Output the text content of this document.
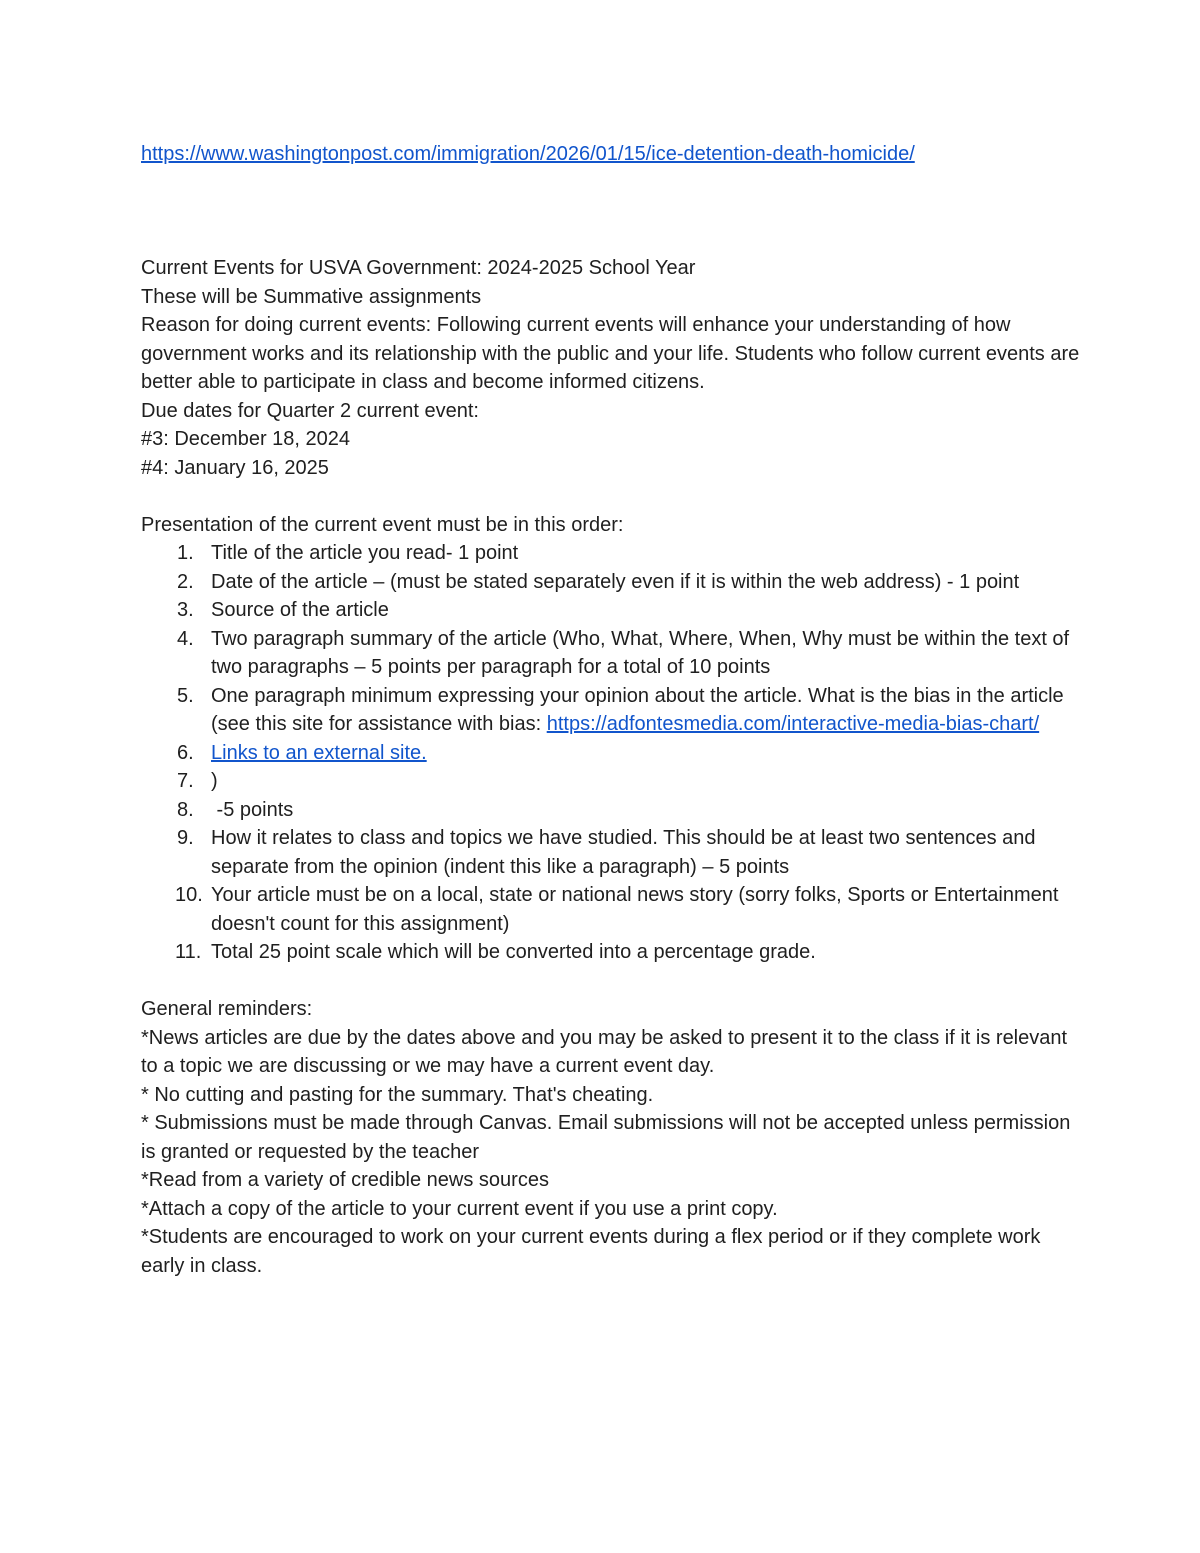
https://www.washingtonpost.com/immigration/2026/01/15/ice-detention-death-homicide/

Current Events for USVA Government: 2024-2025 School Year

These will be Summative assignments

Reason for doing current events: Following current events will enhance your understanding of how government works and its relationship with the public and your life. Students who follow current events are better able to participate in class and become informed citizens.

Due dates for Quarter 2 current event:

#3: December 18, 2024

#4: January 16, 2025

Presentation of the current event must be in this order:

1. Title of the article you read- 1 point
2. Date of the article – (must be stated separately even if it is within the web address) - 1 point
3. Source of the article
4. Two paragraph summary of the article (Who, What, Where, When, Why must be within the text of two paragraphs – 5 points per paragraph for a total of 10 points
5. One paragraph minimum expressing your opinion about the article. What is the bias in the article (see this site for assistance with bias: https://adfontesmedia.com/interactive-media-bias-chart/
6. Links to an external site.
7. )
8. -5 points
9. How it relates to class and topics we have studied. This should be at least two sentences and separate from the opinion (indent this like a paragraph) – 5 points
10. Your article must be on a local, state or national news story (sorry folks, Sports or Entertainment doesn't count for this assignment)
11. Total 25 point scale which will be converted into a percentage grade.

General reminders:

*News articles are due by the dates above and you may be asked to present it to the class if it is relevant to a topic we are discussing or we may have a current event day.

* No cutting and pasting for the summary. That's cheating.

* Submissions must be made through Canvas. Email submissions will not be accepted unless permission is granted or requested by the teacher

*Read from a variety of credible news sources

*Attach a copy of the article to your current event if you use a print copy.

*Students are encouraged to work on your current events during a flex period or if they complete work early in class.
